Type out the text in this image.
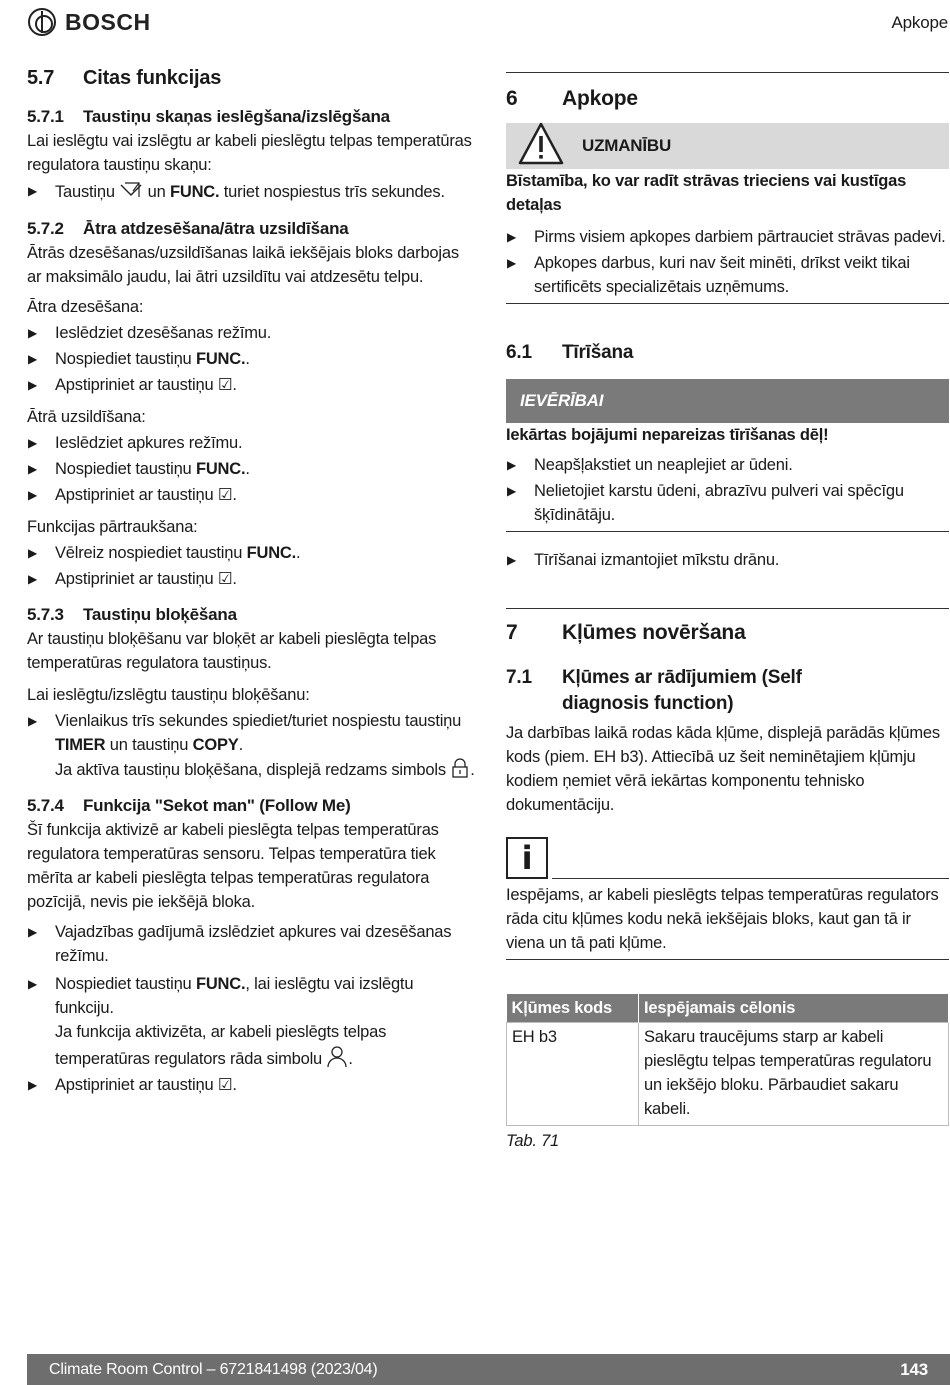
BOSCH	Apkope
5.7	Citas funkcijas
5.7.1	Taustiņu skaņas ieslēgšana/izslēgšana

Lai ieslēgtu vai izslēgtu ar kabeli pieslēgtu telpas temperatūras regulatora taustiņu skaņu:

▶ Taustiņu  un FUNC. turiet nospiestus trīs sekundes.
5.7.2	Ātra atdzesēšana/ātra uzsildīšana

Ātrās dzesēšanas/uzsildīšanas laikā iekšējais bloks darbojas ar maksimālo jaudu, lai ātri uzsildītu vai atdzesētu telpu.

Ātra dzesēšana:

▶ Ieslēdziet dzesēšanas režīmu.
▶ Nospiediet taustiņu FUNC..
▶ Apstipriniet ar taustiņu ☑.

Ātrā uzsildīšana:

▶ Ieslēdziet apkures režīmu.
▶ Nospiediet taustiņu FUNC..
▶ Apstipriniet ar taustiņu ☑.

Funkcijas pārtraukšana:

▶ Vēlreiz nospiediet taustiņu FUNC..
▶ Apstipriniet ar taustiņu ☑.
5.7.3	Taustiņu bloķēšana

Ar taustiņu bloķēšanu var bloķēt ar kabeli pieslēgta telpas temperatūras regulatora taustiņus.

Lai ieslēgtu/izslēgtu taustiņu bloķēšanu:

▶ Vienlaikus trīs sekundes spiediet/turiet nospiestu taustiņu TIMER un taustiņu COPY.
Ja aktīva taustiņu bloķēšana, displejā redzams simbols .
5.7.4	Funkcija "Sekot man" (Follow Me)

Šī funkcija aktivizē ar kabeli pieslēgta telpas temperatūras regulatora temperatūras sensoru. Telpas temperatūra tiek mērīta ar kabeli pieslēgta telpas temperatūras regulatora pozīcijā, nevis pie iekšējā bloka.

▶ Vajadzības gadījumā izslēdziet apkures vai dzesēšanas režīmu.
▶ Nospiediet taustiņu FUNC., lai ieslēgtu vai izslēgtu funkciju.
Ja funkcija aktivizēta, ar kabeli pieslēgts telpas temperatūras regulators rāda simbolu .
▶ Apstipriniet ar taustiņu ☑.
6	Apkope
UZMANĪBU

Bīstamība, ko var radīt strāvas trieciens vai kustīgas detaļas

▶ Pirms visiem apkopes darbiem pārtrauciet strāvas padevi.
▶ Apkopes darbus, kuri nav šeit minēti, drīkst veikt tikai sertificēts specializētais uzņēmums.
6.1	Tīrīšana
IEVĒRĪBAI

Iekārtas bojājumi nepareizas tīrīšanas dēļ!

▶ Neapšļakstiet un neaplejiet ar ūdeni.
▶ Nelietojiet karstu ūdeni, abrazīvu pulveri vai spēcīgu šķīdinātāju.
▶ Tīrīšanai izmantojiet mīkstu drānu.
7	Kļūmes novēršana
7.1	Kļūmes ar rādījumiem (Self diagnosis function)

Ja darbības laikā rodas kāda kļūme, displejā parādās kļūmes kods (piem. EH b3). Attiecībā uz šeit neminētajiem kļūmju kodiem ņemiet vērā iekārtas komponentu tehnisko dokumentāciju.

i

Iespējams, ar kabeli pieslēgts telpas temperatūras regulators rāda citu kļūmes kodu nekā iekšējais bloks, kaut gan tā ir viena un tā pati kļūme.

Kļūmes kods	Iespējamais cēlonis
EH b3	Sakaru traucējums starp ar kabeli pieslēgtu telpas temperatūras regulatoru un iekšējo bloku. Pārbaudiet sakaru kabeli.

Tab. 71

Climate Room Control – 6721841498 (2023/04)	143
